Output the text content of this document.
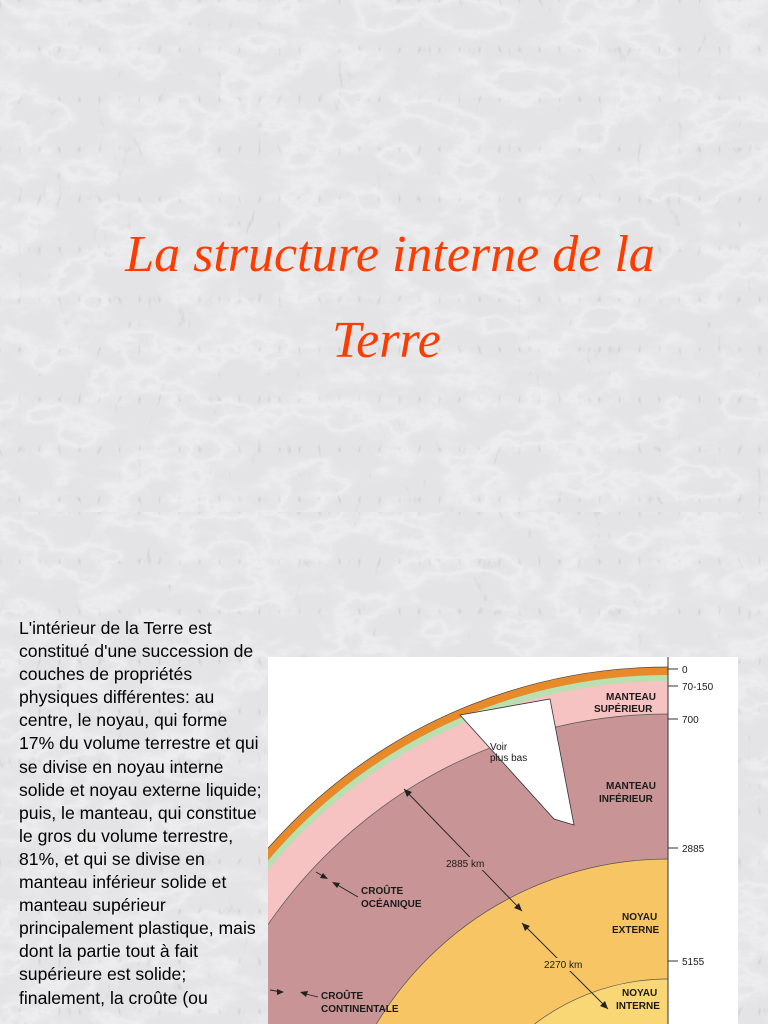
La structure interne de la
Terre

L'intérieur de la Terre est constitué d'une succession de couches de propriétés physiques différentes: au centre, le noyau, qui forme 17% du volume terrestre et qui se divise en noyau interne solide et noyau externe liquide; puis, le manteau, qui constitue le gros du volume terrestre, 81%, et qui se divise en manteau inférieur solide et manteau supérieur principalement plastique, mais dont la partie tout à fait supérieure est solide; finalement, la croûte (ou

0
70-150
700
2885
5155
MANTEAU
SUPÉRIEUR
MANTEAU
INFÉRIEUR
NOYAU
EXTERNE
NOYAU
INTERNE
CROÛTE
OCÉANIQUE
CROÛTE
CONTINENTALE
Voir
plus bas
2885 km
2270 km
